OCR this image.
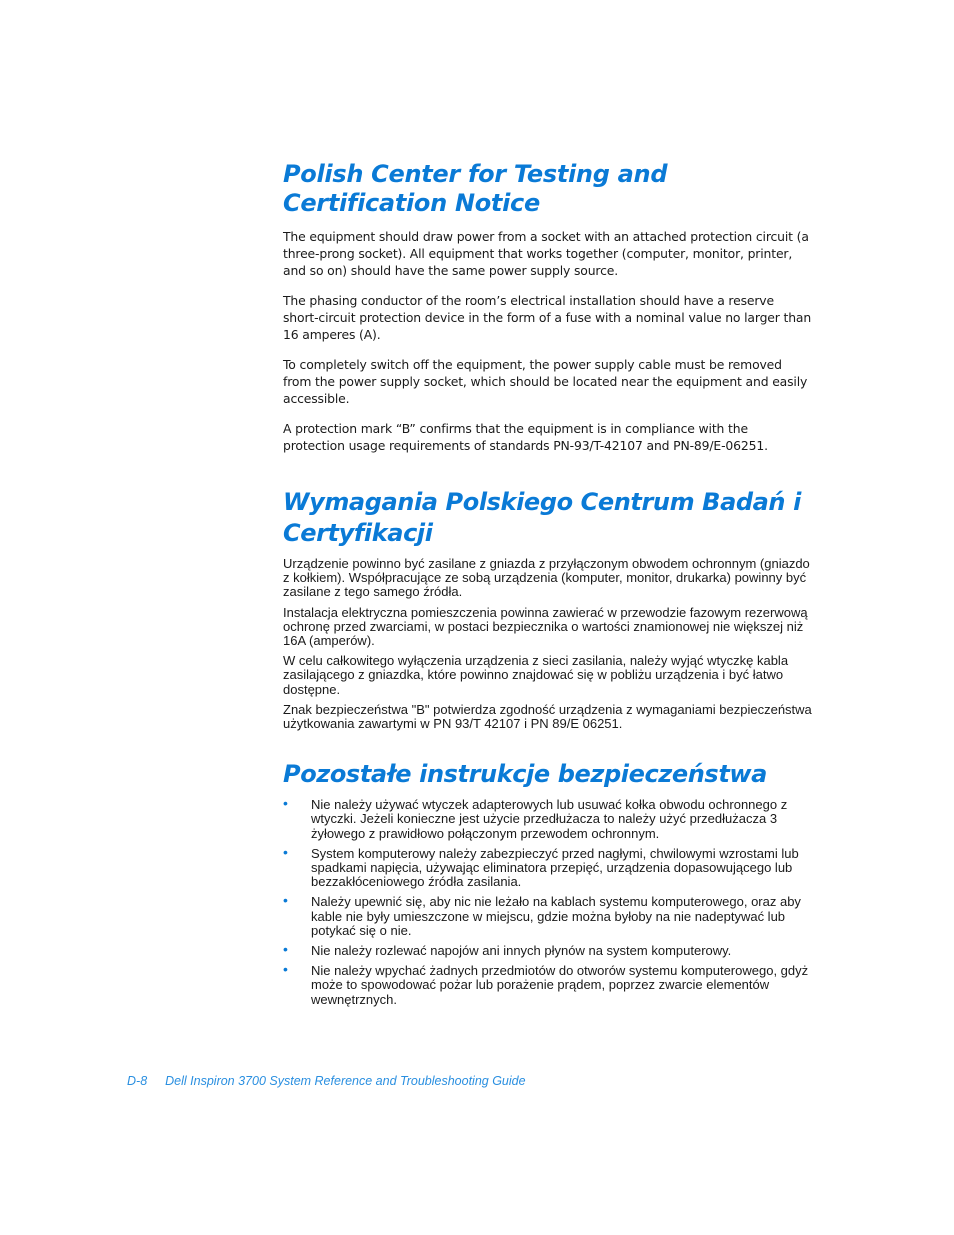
Polish Center for Testing and Certification Notice

The equipment should draw power from a socket with an attached protection circuit (a three-prong socket). All equipment that works together (computer, monitor, printer, and so on) should have the same power supply source.

The phasing conductor of the room’s electrical installation should have a reserve short-circuit protection device in the form of a fuse with a nominal value no larger than 16 amperes (A).

To completely switch off the equipment, the power supply cable must be removed from the power supply socket, which should be located near the equipment and easily accessible.

A protection mark “B” confirms that the equipment is in compliance with the protection usage requirements of standards PN-93/T-42107 and PN-89/E-06251.

Wymagania Polskiego Centrum Badań i Certyfikacji

Urządzenie powinno być zasilane z gniazda z przyłączonym obwodem ochronnym (gniazdo z kołkiem). Współpracujące ze sobą urządzenia (komputer, monitor, drukarka) powinny być zasilane z tego samego źródła.

Instalacja elektryczna pomieszczenia powinna zawierać w przewodzie fazowym rezerwową ochronę przed zwarciami, w postaci bezpiecznika o wartości znamionowej nie większej niż 16A (amperów).

W celu całkowitego wyłączenia urządzenia z sieci zasilania, należy wyjąć wtyczkę kabla zasilającego z gniazdka, które powinno znajdować się w pobliżu urządzenia i być łatwo dostępne.

Znak bezpieczeństwa "B" potwierdza zgodność urządzenia z wymaganiami bezpieczeństwa użytkowania zawartymi w PN 93/T 42107 i PN 89/E 06251.

Pozostałe instrukcje bezpieczeństwa
• Nie należy używać wtyczek adapterowych lub usuwać kołka obwodu ochronnego z wtyczki. Jeżeli konieczne jest użycie przedłużacza to należy użyć przedłużacza 3 żyłowego z prawidłowo połączonym przewodem ochronnym.
• System komputerowy należy zabezpieczyć przed nagłymi, chwilowymi wzrostami lub spadkami napięcia, używając eliminatora przepięć, urządzenia dopasowującego lub bezzakłóceniowego źródła zasilania.
• Należy upewnić się, aby nic nie leżało na kablach systemu komputerowego, oraz aby kable nie były umieszczone w miejscu, gdzie można byłoby na nie nadeptywać lub potykać się o nie.
• Nie należy rozlewać napojów ani innych płynów na system komputerowy.
• Nie należy wpychać żadnych przedmiotów do otworów systemu komputerowego, gdyż może to spowodować pożar lub porażenie prądem, poprzez zwarcie elementów wewnętrznych.
D-8 Dell Inspiron 3700 System Reference and Troubleshooting Guide
